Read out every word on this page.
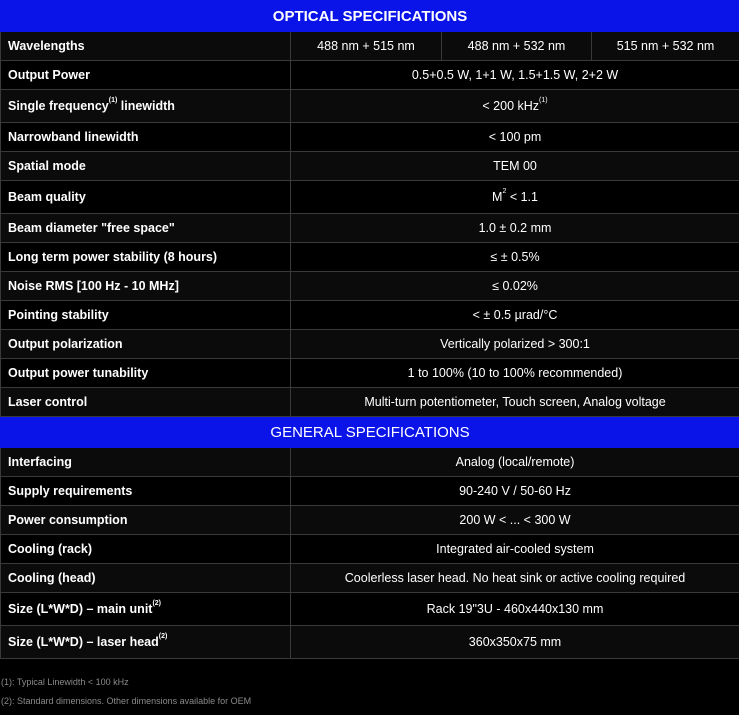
OPTICAL SPECIFICATIONS			
Wavelengths	488 nm + 515 nm	488 nm + 532 nm	515 nm + 532 nm
Output Power	0.5+0.5 W, 1+1 W, 1.5+1.5 W, 2+2 W		
Single frequency$^{(1)}$ linewidth	< 200 kHz$^{(1)}$
Narrowband linewidth	< 100 pm		
Spatial mode	TEM 00		
Beam quality	$M^2 < 1.1$		
Beam diameter "free space"	1.0 ± 0.2 mm		
Long term power stability (8 hours)	≤ ± 0.5%		
Noise RMS [100 Hz - 10 MHz]	≤ 0.02%		
Pointing stability	< ± 0.5 µrad/°C		
Output polarization	Vertically polarized > 300:1		
Output power tunability	1 to 100% (10 to 100% recommended)		
Laser control	Multi-turn potentiometer, Touch screen, Analog voltage		
GENERAL SPECIFICATIONS			
Interfacing	Analog (local/remote)		
Supply requirements	90-240 V / 50-60 Hz		
Power consumption	200 W < ... < 300 W		
Cooling (rack)	Integrated air-cooled system		
Cooling (head)	Coolerless laser head. No heat sink or active cooling required		
Size (L*W*D) – main unit$^{(2)}$	Rack 19"3U - 460x440x130 mm		
Size (L*W*D) – laser head$^{(2)}$	360x350x75 mm		
(1): Typical Linewidth < 100 kHz
(2): Standard dimensions. Other dimensions available for OEM
